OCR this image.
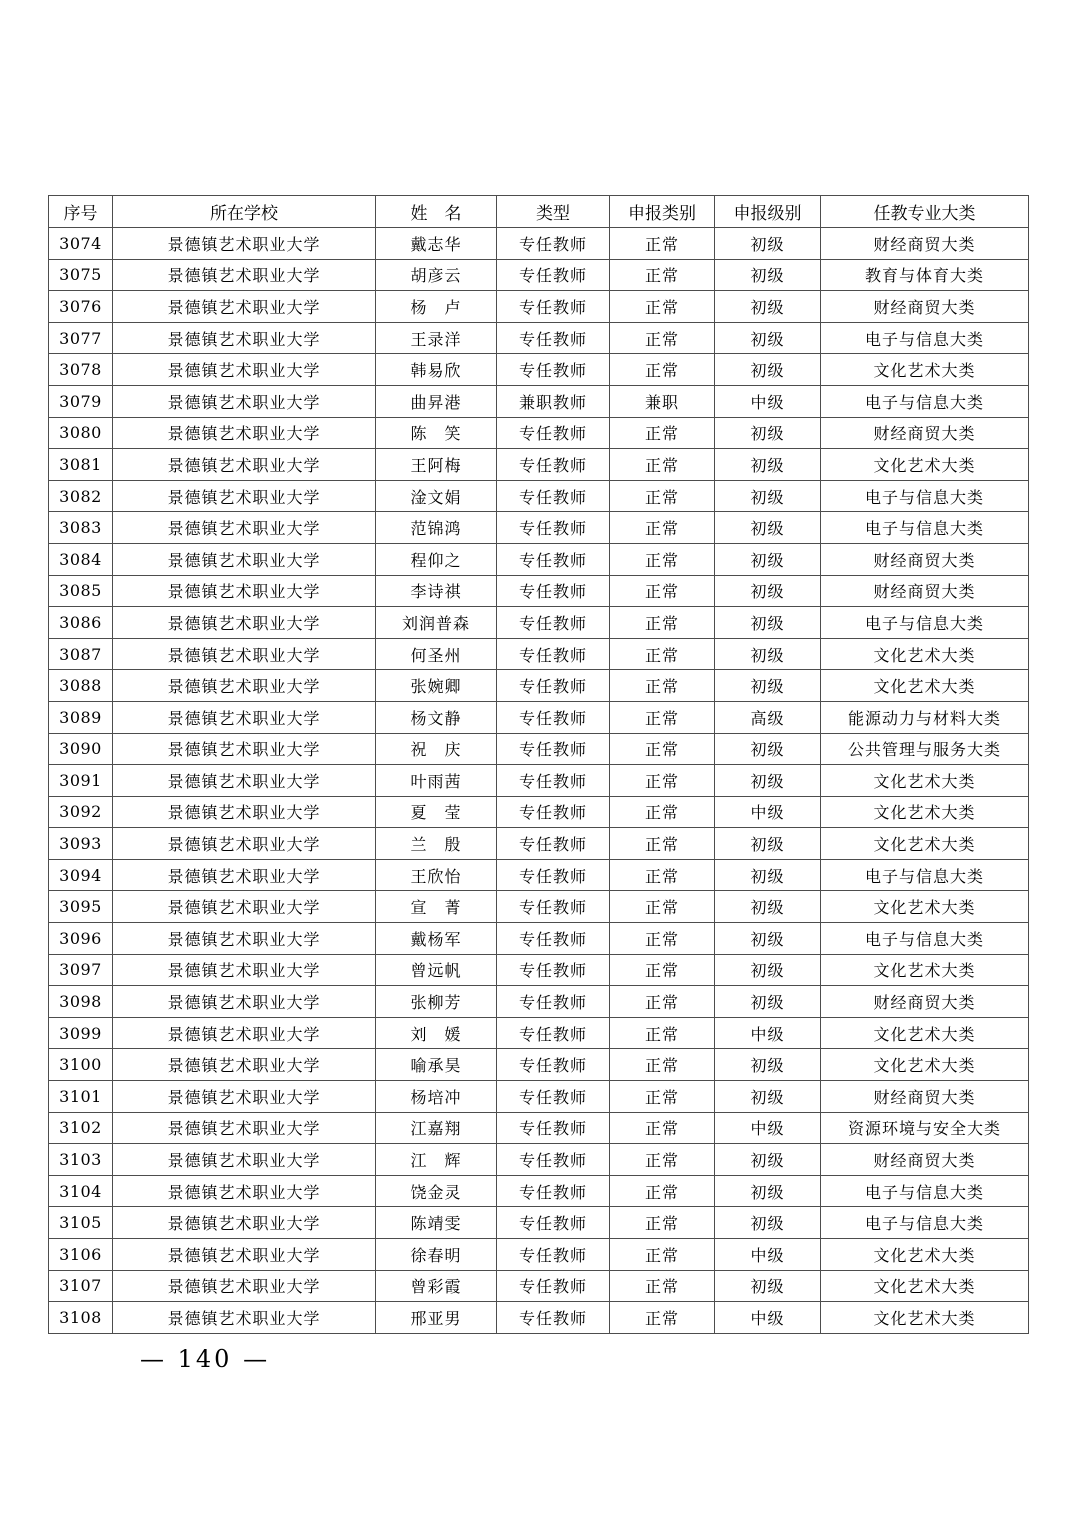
序号	所在学校	姓　名	类型	申报类别	申报级别	任教专业大类
3074	景德镇艺术职业大学	戴志华	专任教师	正常	初级	财经商贸大类
3075	景德镇艺术职业大学	胡彦云	专任教师	正常	初级	教育与体育大类
3076	景德镇艺术职业大学	杨　卢	专任教师	正常	初级	财经商贸大类
3077	景德镇艺术职业大学	王录洋	专任教师	正常	初级	电子与信息大类
3078	景德镇艺术职业大学	韩易欣	专任教师	正常	初级	文化艺术大类
3079	景德镇艺术职业大学	曲昇港	兼职教师	兼职	中级	电子与信息大类
3080	景德镇艺术职业大学	陈　笑	专任教师	正常	初级	财经商贸大类
3081	景德镇艺术职业大学	王阿梅	专任教师	正常	初级	文化艺术大类
3082	景德镇艺术职业大学	淦文娟	专任教师	正常	初级	电子与信息大类
3083	景德镇艺术职业大学	范锦鸿	专任教师	正常	初级	电子与信息大类
3084	景德镇艺术职业大学	程仰之	专任教师	正常	初级	财经商贸大类
3085	景德镇艺术职业大学	李诗祺	专任教师	正常	初级	财经商贸大类
3086	景德镇艺术职业大学	刘润普森	专任教师	正常	初级	电子与信息大类
3087	景德镇艺术职业大学	何圣州	专任教师	正常	初级	文化艺术大类
3088	景德镇艺术职业大学	张婉卿	专任教师	正常	初级	文化艺术大类
3089	景德镇艺术职业大学	杨文静	专任教师	正常	高级	能源动力与材料大类
3090	景德镇艺术职业大学	祝　庆	专任教师	正常	初级	公共管理与服务大类
3091	景德镇艺术职业大学	叶雨茜	专任教师	正常	初级	文化艺术大类
3092	景德镇艺术职业大学	夏　莹	专任教师	正常	中级	文化艺术大类
3093	景德镇艺术职业大学	兰　殷	专任教师	正常	初级	文化艺术大类
3094	景德镇艺术职业大学	王欣怡	专任教师	正常	初级	电子与信息大类
3095	景德镇艺术职业大学	宣　菁	专任教师	正常	初级	文化艺术大类
3096	景德镇艺术职业大学	戴杨军	专任教师	正常	初级	电子与信息大类
3097	景德镇艺术职业大学	曾远帆	专任教师	正常	初级	文化艺术大类
3098	景德镇艺术职业大学	张柳芳	专任教师	正常	初级	财经商贸大类
3099	景德镇艺术职业大学	刘　媛	专任教师	正常	中级	文化艺术大类
3100	景德镇艺术职业大学	喻承昊	专任教师	正常	初级	文化艺术大类
3101	景德镇艺术职业大学	杨培冲	专任教师	正常	初级	财经商贸大类
3102	景德镇艺术职业大学	江嘉翔	专任教师	正常	中级	资源环境与安全大类
3103	景德镇艺术职业大学	江　辉	专任教师	正常	初级	财经商贸大类
3104	景德镇艺术职业大学	饶金灵	专任教师	正常	初级	电子与信息大类
3105	景德镇艺术职业大学	陈靖雯	专任教师	正常	初级	电子与信息大类
3106	景德镇艺术职业大学	徐春明	专任教师	正常	中级	文化艺术大类
3107	景德镇艺术职业大学	曾彩霞	专任教师	正常	初级	文化艺术大类
3108	景德镇艺术职业大学	邢亚男	专任教师	正常	中级	文化艺术大类
— 140 —
